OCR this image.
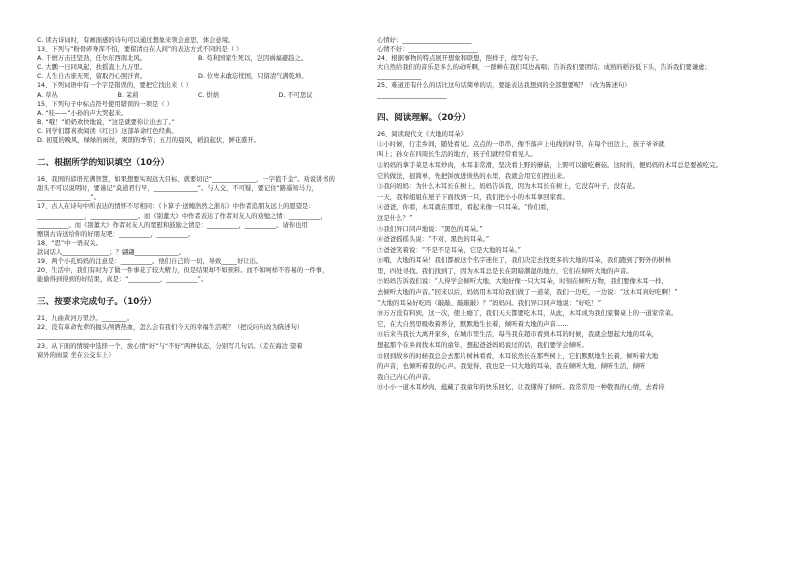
C. 读古诗词时，有画面感的诗句可以通过想象来领会意思，体会意境。
13、下列与“粉骨碎身浑不怕，要留清白在人间”的表达方式不同的是（ ）
A. 千磨万击还坚劲，任尔东西南北风。	B. 苟利国家生死以，岂因祸福避趋之。
C. 大鹏一日同风起，扶摇直上九万里。
C. 人生自古谁无死，留取丹心照汗青。	D. 位卑未敢忘忧国，只留清气满乾坤。
14、下列词语中有一个字是错误的，要把它找出来（ ）
A. 草丛	B. 茉莉	C. 烘焙	D. 不可思议
15、下列句子中标点符号使用错误的一项是（ ）
A. “哇——”小孙的声大哭起来。
B. “哦！”奶奶欢快地说，“这是就要你让出去了。”
C. 同学们都喜欢阅读《红日》这部革命红色经典。
D. 初夏的晚风，绿绿的雨丝，爽朗的季节；五月的晨风，稻浪起伏，鲜花盛开。
二、根据所学的知识填空（10分）
16、我国的谚语充满智慧，如果想要实现远大目标，就要切记“______________，一字值千金”。劝说讲书的
甜头不可以说明时，要谨记“莫道君行早，______________”。与人交，不可疑，要记住“路遥知马力，
_________________”。
17、古人在诗句中所表达的情怀不尽相同：《卜算子·送鲍浩然之浙东》中作者追朋友远上的愿望是：
_______________，_______________。而《别董大》中作者表达了作者对友人的劝勉之情：__________，
__________。而《别董大》作者对友人的宽慰和鼓励之情是：__________，__________。请你也用
赠别古诗送给你的好朋友吧：__________，__________。
18、“思”中一语双关。
款词话人_______________；？翩翩______________。
19、两个小孔妈妈的注意是：__________。他们自己的一切，导致_____好让出。
20、生活中，我们有时为了做一件事花了较大精力，但是结果却不如预料。而不如呵样不容易的一件事，
能偷得到得到的好结果，真是：“__________，__________”。
三、按要求完成句子。（10分）
21、九曲黄河万里沙。________。
22、没有革命先辈的抛头颅洒热血，怎么会有我们今天的幸福生活呢？（把反问句改为陈述句）
______________________________
23、从下面的情境中选择一个，放心情“好”与“不好”两种状态，分别写几句话。（走在海边 望着
窗外的雨景 坐在公交车上）
心情好：______________________
心情不好：______________________
24、根据事物的特点展开想象和联想，照样子，续写句子。
大自然给我们的音乐是多么的动听啊，一群蝉在我们耳边高唱；告诉我们要团结；成熟的稻谷低下头，告诉我们要谦虚；
______________
25、难道还有什么的话比这句话简单的话，要能表达我想到的全部想要呢？（改为陈述句）
______________________
四、阅读理解。（20分）
26、阅读现代文《大地的耳朵》
①小时候，行走乡间，随处看见。点点的一串串，像不落声上电线的时节，在每个田边上，孩子爷爷就
叫上；孙女在四周长生活的地方，孩子们就经常看见人。
②妈妈的拿手菜是木耳炒肉，木耳非常滑，坚决看上野的蘑菇，上野可以偷吃蘑菇。这时的，便妈妈的木耳总是要被吃完。
它的做法，很简单，先把饼放进烫热的水里，我就会用它们捏出来。
③我问妈妈：为什么木耳长在树上，妈妈告诉我，因为木耳长在树上，它没有叶子，没有花。
一天，我和姐姐在屋子下面找到一只，我们把小小的木耳拿回家看。
④爸爸，你看，木耳就在那里，看起来像一只耳朵。“你们看，
这是什么？”
⑤我们异口同声地说：“黑色的耳朵。”
⑥爸爸摇摇头说：“不对，黑色的耳朵。”
⑦爸爸笑着说：“不是不是耳朵，它是大地的耳朵。”
⑧哦，大地的耳朵！我们都被这个名字迷住了，我们决定去找更多的大地的耳朵，我们跑到了野外的树林
里，四处寻找。我们找到了，因为木耳总是长在阴暗潮湿的地方，它们在倾听大地的声音。
⑨妈妈告诉我们说：“人得学会倾听大地，大地好像一只大耳朵，时刻在倾听万物，我们要像木耳一样，
去倾听大地的声音。”回来以后，妈妈用木耳给我们做了一道菜，我们一边吃，一边说：“这木耳真好吃啊！”
“大地的耳朵好吃吗（敲敲、敲敲敲）？”妈妈问。我们异口同声地说：“好吃！”
⑩万万没有料到，这一次，使上瘾了，我们天天都要吃木耳，从此，木耳成为我们家餐桌上的一道家常菜。
它，在大自然里吸收着养分，默默地生长着，倾听着大地的声音……
⑪后来当我长大离开家乡，在城市里生活，每当我在超市看到木耳的时候，我就会想起大地的耳朵，
想起那个在乡间找木耳的童年，想起爸爸妈妈说过的话，我们要学会倾听。
⑫回到故乡的时候我总会去那片树林看看，木耳依然长在那些树上，它们默默地生长着，倾听着大地
的声音，也倾听着我的心声。我觉得，我也是一只大地的耳朵，我在倾听大地，倾听生活，倾听
我自己内心的声音。
⑬小小一道木耳炒肉，蕴藏了我童年的快乐回忆，让我懂得了倾听。我常常用一种敬畏的心情，去看待
